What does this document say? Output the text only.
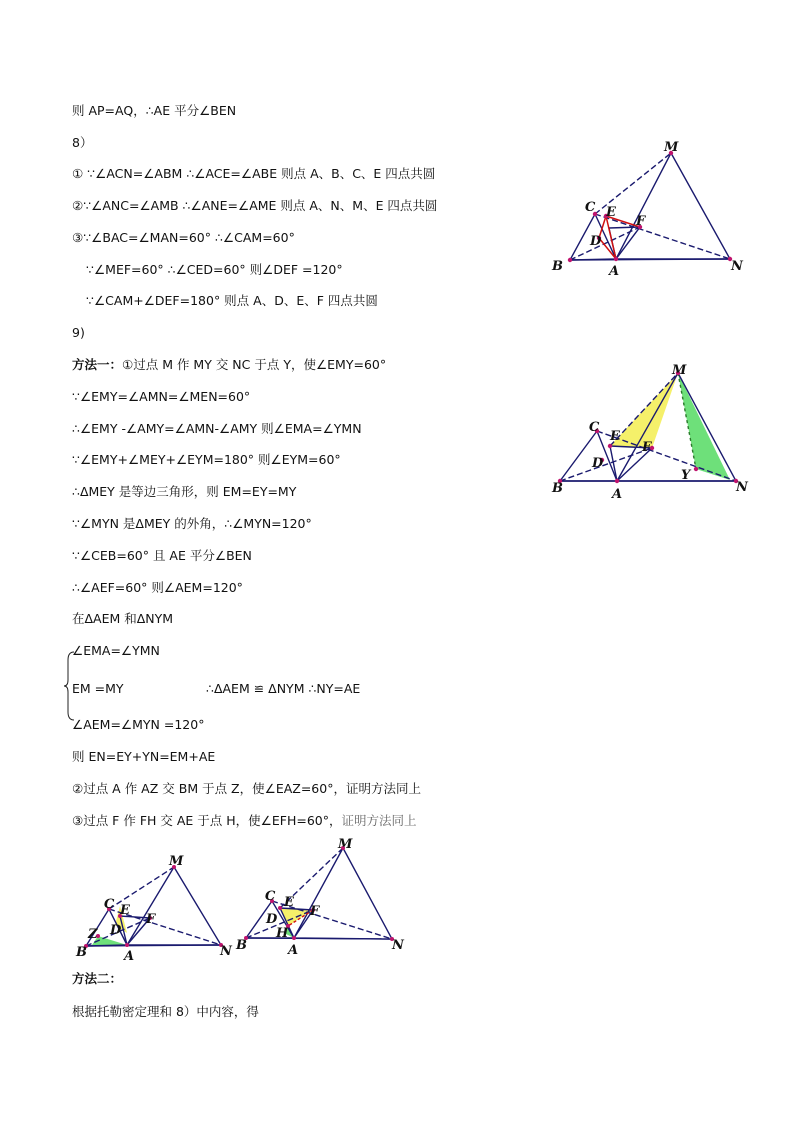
则 AP=AQ，∴AE 平分∠BEN
8）
① ∵∠ACN=∠ABM ∴∠ACE=∠ABE 则点 A、B、C、E 四点共圆
②∵∠ANC=∠AMB ∴∠ANE=∠AME 则点 A、N、M、E 四点共圆
③∵∠BAC=∠MAN=60° ∴∠CAM=60°
∵∠MEF=60° ∴∠CED=60° 则∠DEF =120°
∵∠CAM+∠DEF=180° 则点 A、D、E、F 四点共圆
9)
方法一：①过点 M 作 MY 交 NC 于点 Y，使∠EMY=60°
∵∠EMY=∠AMN=∠MEN=60°
∴∠EMY -∠AMY=∠AMN-∠AMY 则∠EMA=∠YMN
∵∠EMY+∠MEY+∠EYM=180° 则∠EYM=60°
∴ΔMEY 是等边三角形，则 EM=EY=MY
∵∠MYN 是ΔMEY 的外角，∴∠MYN=120°
∵∠CEB=60° 且 AE 平分∠BEN
∴∠AEF=60° 则∠AEM=120°
在ΔAEM 和ΔNYM
∠EMA=∠YMN
EM =MY	∴ΔAEM ≌ ΔNYM ∴NY=AE
∠AEM=∠MYN =120°
则 EN=EY+YN=EM+AE
②过点 A 作 AZ 交 BM 于点 Z，使∠EAZ=60°，证明方法同上
③过点 F 作 FH 交 AE 于点 H，使∠EFH=60°，证明方法同上
方法二：
根据托勒密定理和 8）中内容，得
M
C E
F
D
B	A	N
M
C
E
F
D
B	A	N
Y
M
C E
F
Z D
B	A	N
M
C E
F
D
H
B	A	N
